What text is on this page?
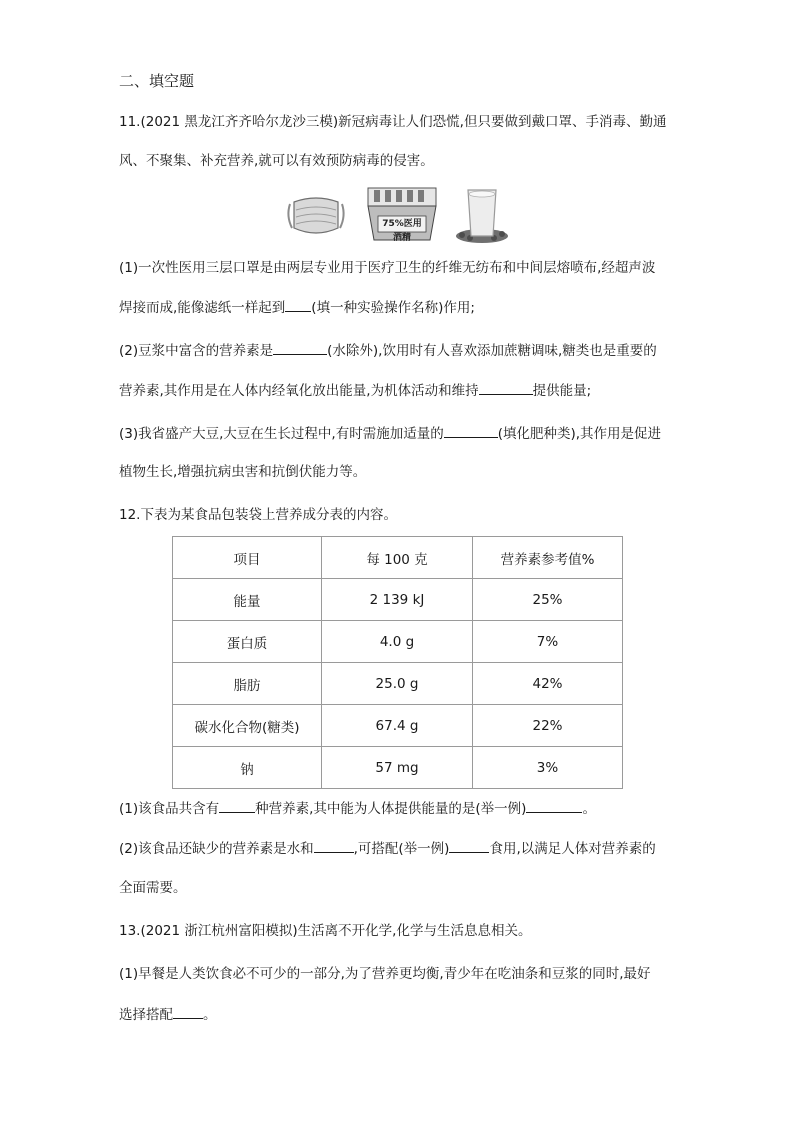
二、填空题
11.(2021 黑龙江齐齐哈尔龙沙三模)新冠病毒让人们恐慌,但只要做到戴口罩、手消毒、勤通
风、不聚集、补充营养,就可以有效预防病毒的侵害。
75%医用酒精
(1)一次性医用三层口罩是由两层专业用于医疗卫生的纤维无纺布和中间层熔喷布,经超声波
焊接而成,能像滤纸一样起到 (填一种实验操作名称)作用;
(2)豆浆中富含的营养素是	(水除外),饮用时有人喜欢添加蔗糖调味,糖类也是重要的
营养素,其作用是在人体内经氧化放出能量,为机体活动和维持	提供能量;
(3)我省盛产大豆,大豆在生长过程中,有时需施加适量的	(填化肥种类),其作用是促进
植物生长,增强抗病虫害和抗倒伏能力等。
12.下表为某食品包装袋上营养成分表的内容。
项目	每 100 克	营养素参考值%
能量	2 139 kJ	25%
蛋白质	4.0 g	7%
脂肪	25.0 g	42%
碳水化合物(糖类)	67.4 g	22%
钠	57 mg	3%
(1)该食品共含有	种营养素,其中能为人体提供能量的是(举一例)	。
(2)该食品还缺少的营养素是水和	,可搭配(举一例)	食用,以满足人体对营养素的
全面需要。
13.(2021 浙江杭州富阳模拟)生活离不开化学,化学与生活息息相关。
(1)早餐是人类饮食必不可少的一部分,为了营养更均衡,青少年在吃油条和豆浆的同时,最好
选择搭配 。
